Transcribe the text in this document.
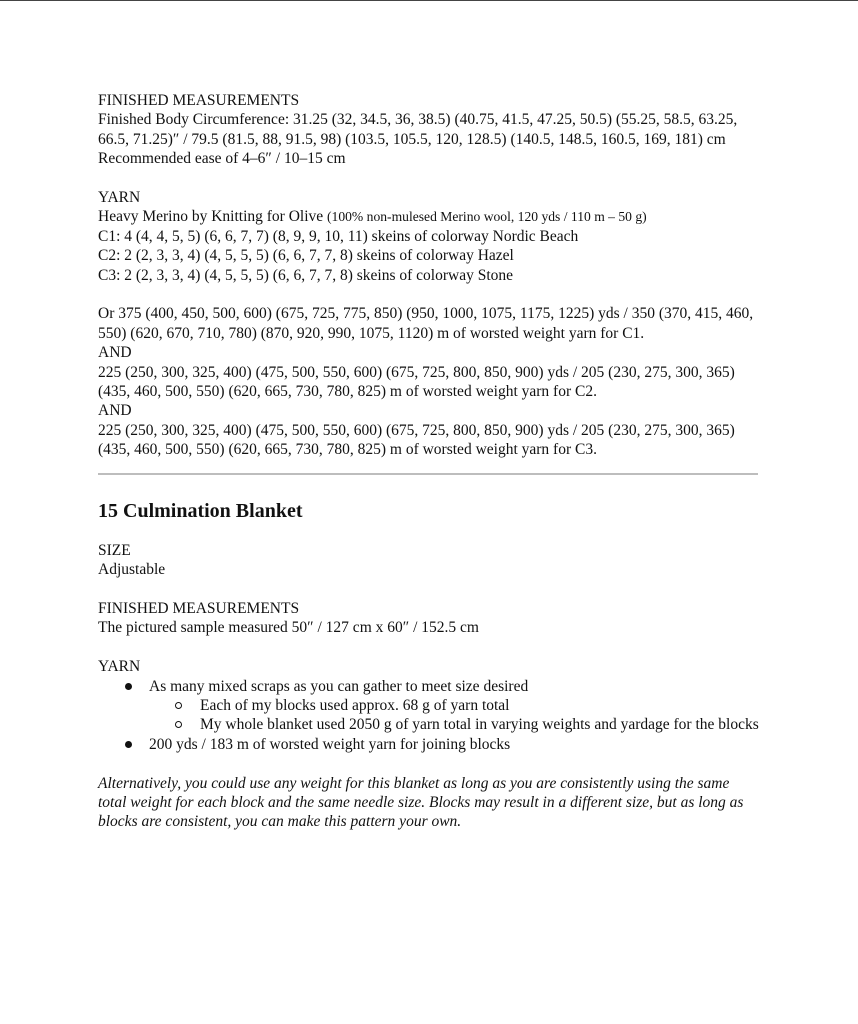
FINISHED MEASUREMENTS
Finished Body Circumference: 31.25 (32, 34.5, 36, 38.5) (40.75, 41.5, 47.25, 50.5) (55.25, 58.5, 63.25,
66.5, 71.25)″ / 79.5 (81.5, 88, 91.5, 98) (103.5, 105.5, 120, 128.5) (140.5, 148.5, 160.5, 169, 181) cm
Recommended ease of 4–6″ / 10–15 cm
YARN
Heavy Merino by Knitting for Olive (100% non-mulesed Merino wool, 120 yds / 110 m – 50 g)
C1: 4 (4, 4, 5, 5) (6, 6, 7, 7) (8, 9, 9, 10, 11) skeins of colorway Nordic Beach
C2: 2 (2, 3, 3, 4) (4, 5, 5, 5) (6, 6, 7, 7, 8) skeins of colorway Hazel
C3: 2 (2, 3, 3, 4) (4, 5, 5, 5) (6, 6, 7, 7, 8) skeins of colorway Stone
Or 375 (400, 450, 500, 600) (675, 725, 775, 850) (950, 1000, 1075, 1175, 1225) yds / 350 (370, 415, 460,
550) (620, 670, 710, 780) (870, 920, 990, 1075, 1120) m of worsted weight yarn for C1.
AND
225 (250, 300, 325, 400) (475, 500, 550, 600) (675, 725, 800, 850, 900) yds / 205 (230, 275, 300, 365)
(435, 460, 500, 550) (620, 665, 730, 780, 825) m of worsted weight yarn for C2.
AND
225 (250, 300, 325, 400) (475, 500, 550, 600) (675, 725, 800, 850, 900) yds / 205 (230, 275, 300, 365)
(435, 460, 500, 550) (620, 665, 730, 780, 825) m of worsted weight yarn for C3.
15 Culmination Blanket
SIZE
Adjustable
FINISHED MEASUREMENTS
The pictured sample measured 50″ / 127 cm x 60″ / 152.5 cm
YARN
As many mixed scraps as you can gather to meet size desired
Each of my blocks used approx. 68 g of yarn total
My whole blanket used 2050 g of yarn total in varying weights and yardage for the blocks
200 yds / 183 m of worsted weight yarn for joining blocks
Alternatively, you could use any weight for this blanket as long as you are consistently using the same
total weight for each block and the same needle size. Blocks may result in a different size, but as long as
blocks are consistent, you can make this pattern your own.
